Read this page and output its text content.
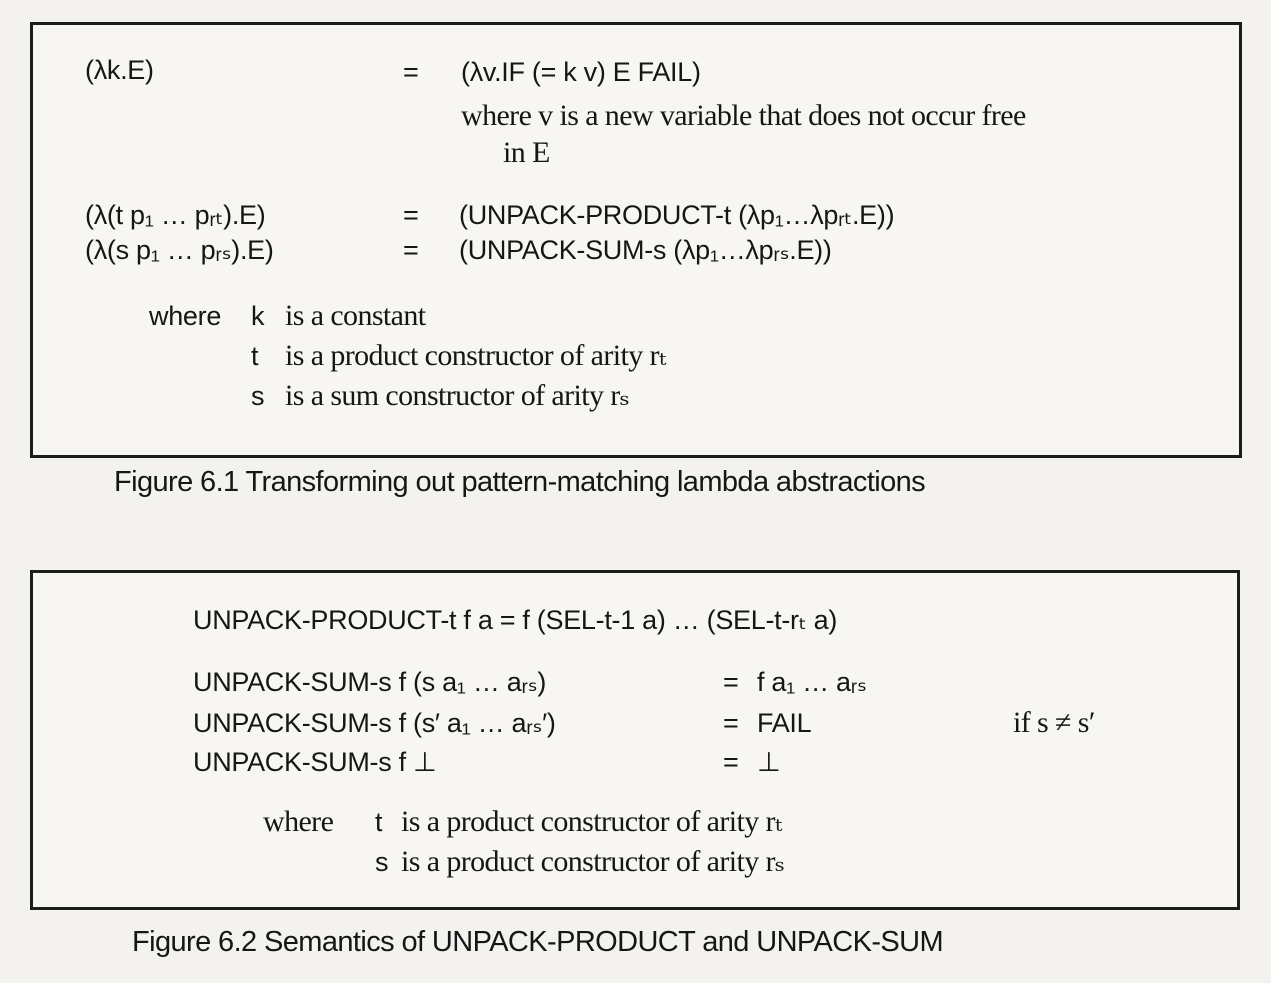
(λk.E)	= (λv.IF (= k v) E FAIL)
where v is a new variable that does not occur free
in E
(λ(t p₁ … pᵣₜ).E)	= (UNPACK-PRODUCT-t (λp₁…λpᵣₜ.E))
(λ(s p₁ … pᵣₛ).E)	= (UNPACK-SUM-s (λp₁…λpᵣₛ.E))
where k is a constant
t is a product constructor of arity rₜ
s is a sum constructor of arity rₛ
Figure 6.1 Transforming out pattern-matching lambda abstractions
UNPACK-PRODUCT-t f a = f (SEL-t-1 a) … (SEL-t-rₜ a)
UNPACK-SUM-s f (s a₁ … aᵣₛ)	= f a₁ … aᵣₛ
UNPACK-SUM-s f (s′ a₁ … aᵣₛ′)	= FAIL	if s ≠ s′
UNPACK-SUM-s f ⊥	= ⊥
where t is a product constructor of arity rₜ
s is a product constructor of arity rₛ
Figure 6.2 Semantics of UNPACK-PRODUCT and UNPACK-SUM
